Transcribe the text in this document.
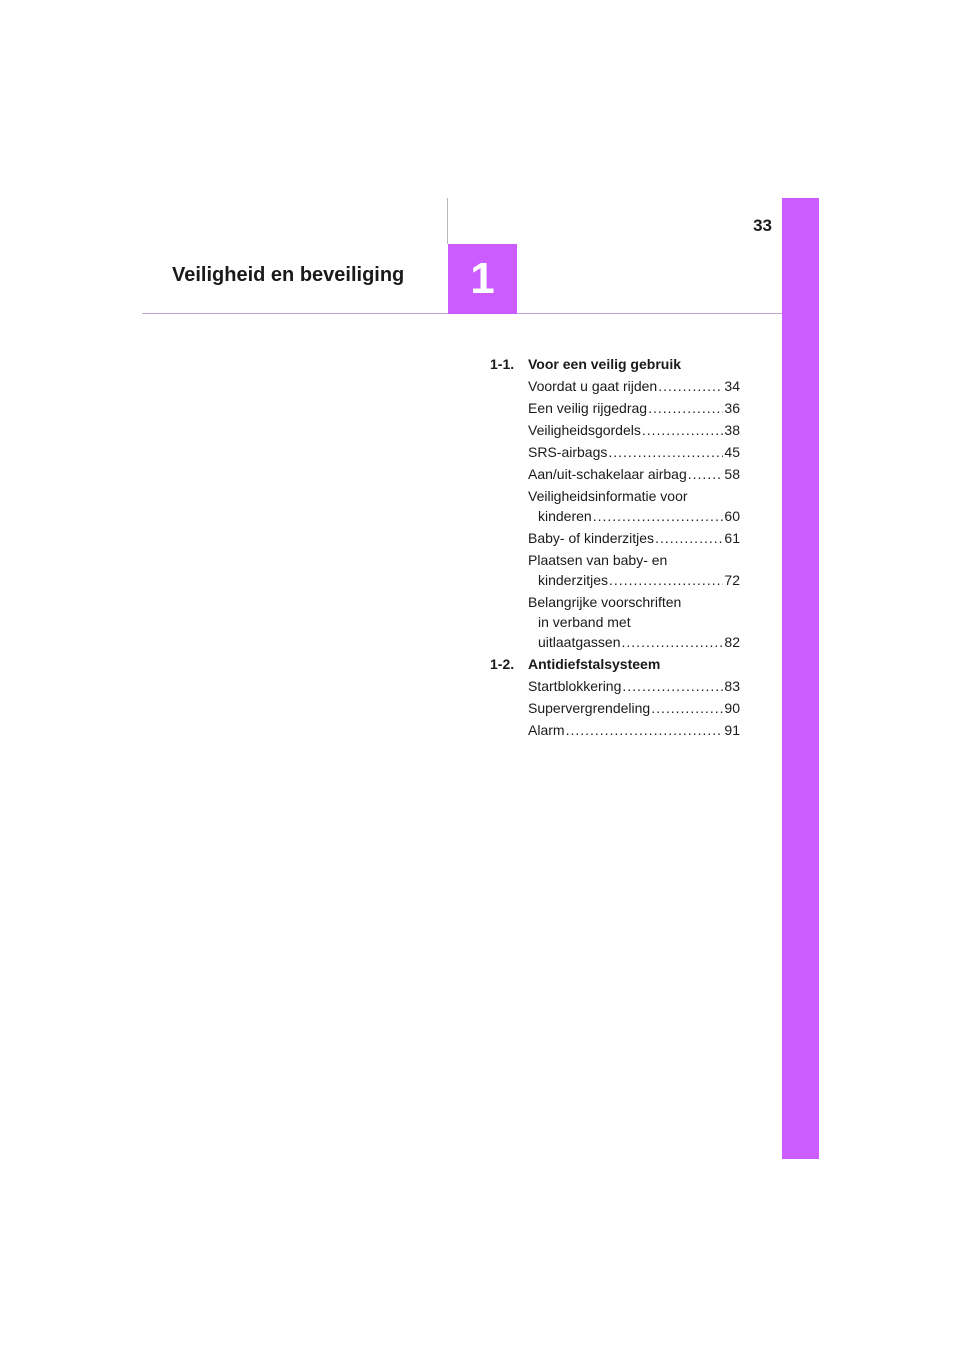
33
Veiligheid en beveiliging 1
1-1. Voor een veilig gebruik
Voordat u gaat rijden .....	34
Een veilig rijgedrag .....	36
Veiligheidsgordels .....	38
SRS-airbags .....	45
Aan/uit-schakelaar airbag .....	58
Veiligheidsinformatie voor
kinderen .....	60
Baby- of kinderzitjes .....	61
Plaatsen van baby- en
kinderzitjes .....	72
Belangrijke voorschriften
in verband met
uitlaatgassen .....	82
1-2. Antidiefstalsysteem
Startblokkering .....	83
Supervergrendeling .....	90
Alarm .....	91
